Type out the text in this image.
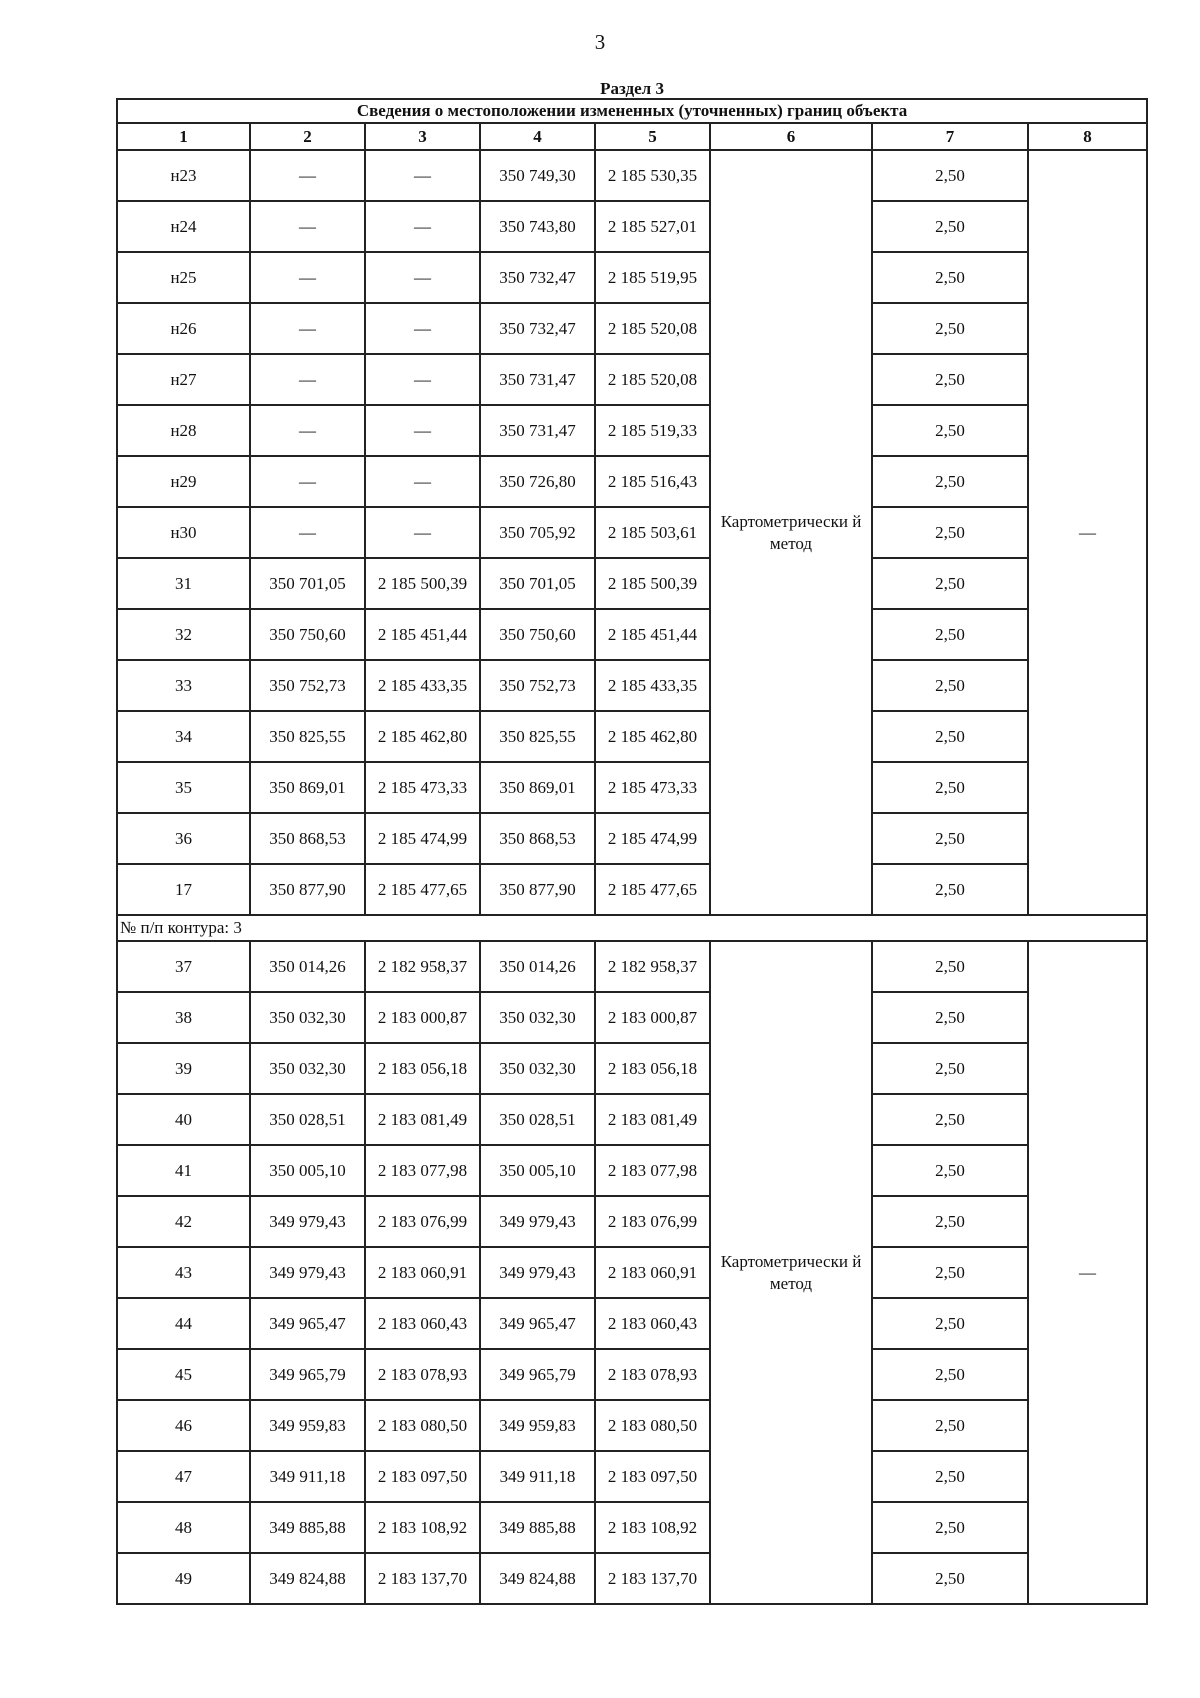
3
Раздел 3							
Сведения о местоположении измененных (уточненных) границ объекта							
1	2	3	4	5	6	7	8
н23	—	—	350 749,30	2 185 530,35	Картометрически й метод	2,50	—
н24	—	—	350 743,80	2 185 527,01		2,50	
н25	—	—	350 732,47	2 185 519,95		2,50	
н26	—	—	350 732,47	2 185 520,08		2,50	
н27	—	—	350 731,47	2 185 520,08		2,50	
н28	—	—	350 731,47	2 185 519,33		2,50	
н29	—	—	350 726,80	2 185 516,43		2,50	
н30	—	—	350 705,92	2 185 503,61		2,50	
31	350 701,05	2 185 500,39	350 701,05	2 185 500,39		2,50	
32	350 750,60	2 185 451,44	350 750,60	2 185 451,44		2,50	
33	350 752,73	2 185 433,35	350 752,73	2 185 433,35		2,50	
34	350 825,55	2 185 462,80	350 825,55	2 185 462,80		2,50	
35	350 869,01	2 185 473,33	350 869,01	2 185 473,33		2,50	
36	350 868,53	2 185 474,99	350 868,53	2 185 474,99		2,50	
17	350 877,90	2 185 477,65	350 877,90	2 185 477,65		2,50	
№ п/п контура: 3							
37	350 014,26	2 182 958,37	350 014,26	2 182 958,37	Картометрически й метод	2,50	—
38	350 032,30	2 183 000,87	350 032,30	2 183 000,87		2,50	
39	350 032,30	2 183 056,18	350 032,30	2 183 056,18		2,50	
40	350 028,51	2 183 081,49	350 028,51	2 183 081,49		2,50	
41	350 005,10	2 183 077,98	350 005,10	2 183 077,98		2,50	
42	349 979,43	2 183 076,99	349 979,43	2 183 076,99		2,50	
43	349 979,43	2 183 060,91	349 979,43	2 183 060,91		2,50	
44	349 965,47	2 183 060,43	349 965,47	2 183 060,43		2,50	
45	349 965,79	2 183 078,93	349 965,79	2 183 078,93		2,50	
46	349 959,83	2 183 080,50	349 959,83	2 183 080,50		2,50	
47	349 911,18	2 183 097,50	349 911,18	2 183 097,50		2,50	
48	349 885,88	2 183 108,92	349 885,88	2 183 108,92		2,50	
49	349 824,88	2 183 137,70	349 824,88	2 183 137,70		2,50	
